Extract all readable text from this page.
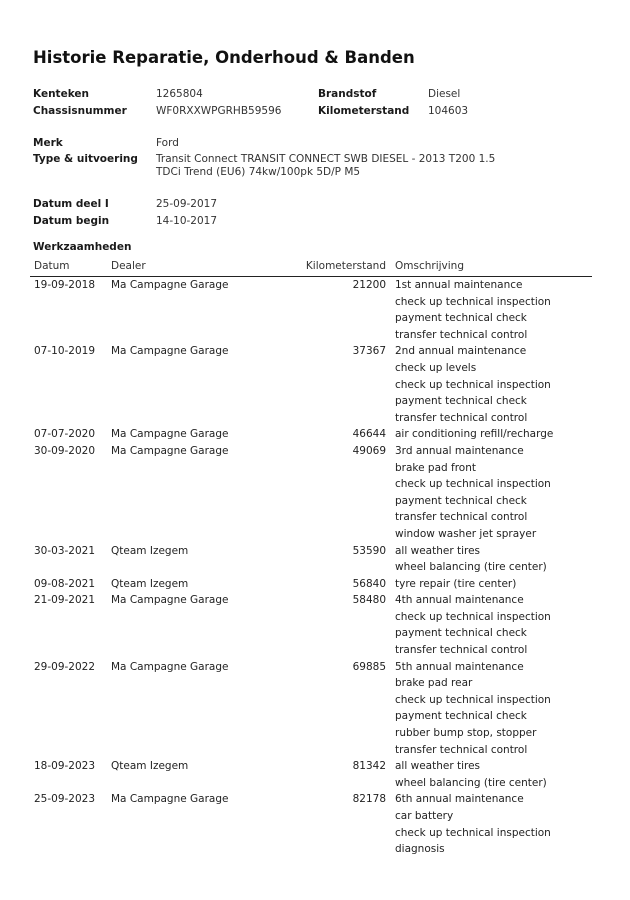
Historie Reparatie, Onderhoud & Banden
Kenteken	1265804	Brandstof	Diesel
Chassisnummer	WF0RXXWPGRHB59596	Kilometerstand 104603
Merk	Ford
Type & uitvoering Transit Connect TRANSIT CONNECT SWB DIESEL - 2013 T200 1.5
TDCi Trend (EU6) 74kw/100pk 5D/P M5
Datum deel I	25-09-2017
Datum begin	14-10-2017
Werkzaamheden
Datum	Dealer	Kilometerstand Omschrijving
19-09-2018 Ma Campagne Garage	21200 1st annual maintenance
check up technical inspection
payment technical check
transfer technical control
07-10-2019 Ma Campagne Garage	37367 2nd annual maintenance
check up levels
check up technical inspection
payment technical check
transfer technical control
07-07-2020 Ma Campagne Garage	46644 air conditioning refill/recharge
30-09-2020 Ma Campagne Garage	49069 3rd annual maintenance
brake pad front
check up technical inspection
payment technical check
transfer technical control
window washer jet sprayer
30-03-2021 Qteam Izegem	53590 all weather tires
wheel balancing (tire center)
09-08-2021 Qteam Izegem	56840 tyre repair (tire center)
21-09-2021 Ma Campagne Garage	58480 4th annual maintenance
check up technical inspection
payment technical check
transfer technical control
29-09-2022 Ma Campagne Garage	69885 5th annual maintenance
brake pad rear
check up technical inspection
payment technical check
rubber bump stop, stopper
transfer technical control
18-09-2023 Qteam Izegem	81342 all weather tires
wheel balancing (tire center)
25-09-2023 Ma Campagne Garage	82178 6th annual maintenance
car battery
check up technical inspection
diagnosis
